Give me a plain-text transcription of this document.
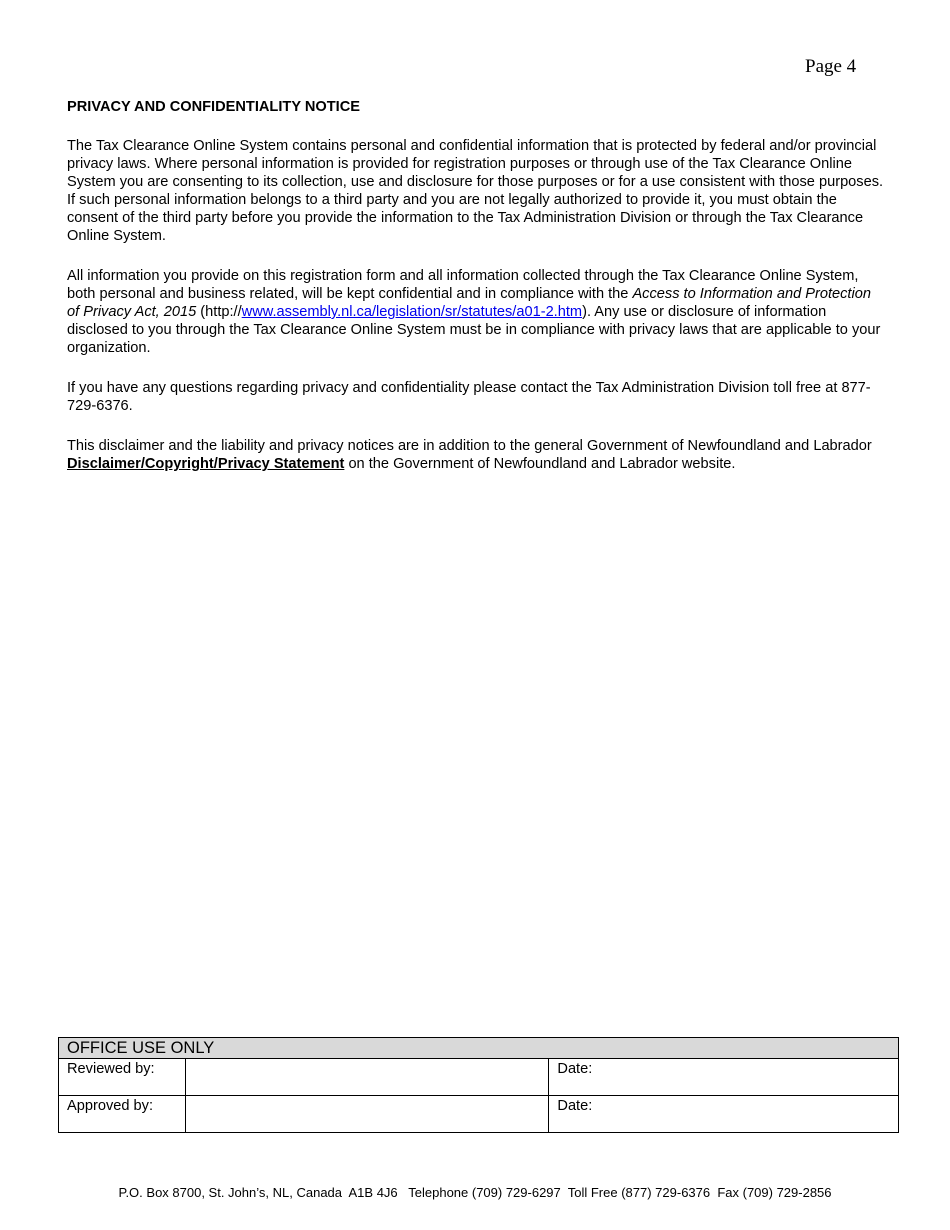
Page 4
PRIVACY AND CONFIDENTIALITY NOTICE

The Tax Clearance Online System contains personal and confidential information that is protected by federal and/or provincial privacy laws. Where personal information is provided for registration purposes or through use of the Tax Clearance Online System you are consenting to its collection, use and disclosure for those purposes or for a use consistent with those purposes. If such personal information belongs to a third party and you are not legally authorized to provide it, you must obtain the consent of the third party before you provide the information to the Tax Administration Division or through the Tax Clearance Online System.

All information you provide on this registration form and all information collected through the Tax Clearance Online System, both personal and business related, will be kept confidential and in compliance with the Access to Information and Protection of Privacy Act, 2015 (http://www.assembly.nl.ca/legislation/sr/statutes/a01-2.htm). Any use or disclosure of information disclosed to you through the Tax Clearance Online System must be in compliance with privacy laws that are applicable to your organization.

If you have any questions regarding privacy and confidentiality please contact the Tax Administration Division toll free at 877-729-6376.

This disclaimer and the liability and privacy notices are in addition to the general Government of Newfoundland and Labrador Disclaimer/Copyright/Privacy Statement on the Government of Newfoundland and Labrador website.

OFFICE USE ONLY		
Reviewed by:		Date:
Approved by:		Date:
P.O. Box 8700, St. John’s, NL, Canada  A1B 4J6   Telephone (709) 729-6297  Toll Free (877) 729-6376  Fax (709) 729-2856
